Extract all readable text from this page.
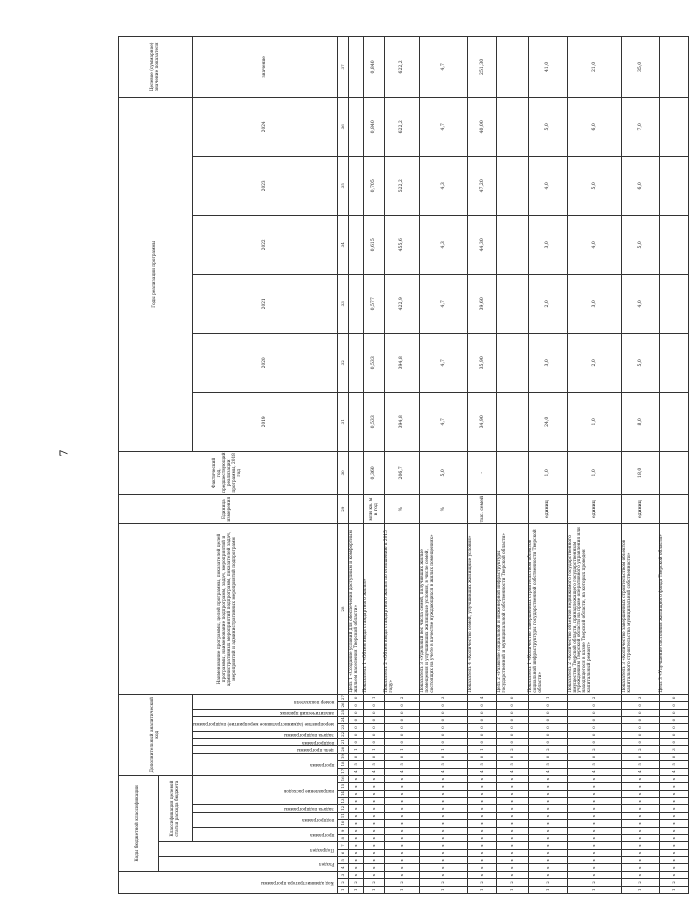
7
Код администратора программы			Коды бюджетной классификации													Дополнительный аналитический код											Наименование программы, целей программы, показателей целей программы, наименование подпрограмм, задач, мероприятий и административных мероприятий подпрограмм, показателей задач, мероприятий и административных мероприятий подпрограмм	Единица измерения	Фактический год, предшествующий реализации программы, 2018 год	Годы реализации программы						Целевое (суммарное) значение показателя
			Раздел		Подраздел		Классификация целевой статьи расхода бюджета																													
							программа		подпрограмма		задача подпрограммы	направление расходов				программа			цель программы	подпрограмма	задача подпрограммы	мероприятие (административное мероприятие) подпрограммы		аналитический признак	номер показателя					2019	2020	2021	2022	2023	2024	значение

1	2	3	4	5	6	7	8	9	10	11	12	13	14	15	16	17	18	19	20	21	22	23	24	25	26	27	28	29	30	31	32	33	34	35	36	37
1	2	х	х	х	х	х	х	х	х	х	х	х	х	х	х	4	5	0	1	0	0	0	0	0	0	0	Цель 1 «Создание условий для обеспечения доступным и комфортным жильем населения Тверской области»									
1	2	х	х	х	х	х	х	х	х	х	х	х	х	х	х	4	5	0	1	0	0	0	0	0	0	1	Показатель 1 «Объем ввода стандартного жилья»	млн кв. м в год	0,360	0,533	0,533	0,577	0,615	0,705	0,840	0,840
1	2	х	х	х	х	х	х	х	х	х	х	х	х	х	х	4	5	0	1	0	0	0	0	0	0	2	Показатель 2 «Объем ввода стандартного жилья по отношению к 2015 году»	%	206,7	394,8	394,8	422,9	455,6	522,2	622,2	622,2
1	2	х	х	х	х	х	х	х	х	х	х	х	х	х	х	4	5	0	1	0	0	0	0	0	0	3	Показатель 3 «Удельный вес числа семей, получивших жилые помещения и улучшивших жилищные условия, в числе семей, состоящих на учете в качестве нуждающихся в жилых помещениях»	%	5,0	4,7	4,7	4,7	4,3	4,3	4,7	4,7
1	2	х	х	х	х	х	х	х	х	х	х	х	х	х	х	4	5	0	1	0	0	0	0	0	0	4	Показатель 4 «Количество семей, улучшивших жилищные условия»	тыс. семей	-	34,90	35,90	39,60	44,30	47,20	40,00	251,30
1	2	х	х	х	х	х	х	х	х	х	х	х	х	х	х	4	5	0	2	0	0	0	0	0	0	0	Цель 2 «Развитие социальной и инженерной инфраструктуры государственной и муниципальной собственности Тверской области»									
1	2	х	х	х	х	х	х	х	х	х	х	х	х	х	х	4	5	0	2	0	0	0	0	0	0	1	Показатель 1 «Количество завершенных строительством объектов социальной инфраструктуры государственной собственности Тверской области»	единиц	1,0	24,0	3,0	2,0	3,0	4,0	5,0	41,0
1	2	х	х	х	х	х	х	х	х	х	х	х	х	х	х	4	5	0	2	0	0	0	0	0	0	2	Показатель 2 «Количество объектов недвижимого государственного имущества Тверской области, принадлежащего государственным учреждениям Тверской области на праве оперативного управления или находящегося в казне Тверской области, на которых проведен капитальный ремонт»	единиц	1,0	1,0	2,0	3,0	4,0	5,0	6,0	21,0
1	2	х	х	х	х	х	х	х	х	х	х	х	х	х	х	4	5	0	2	0	0	0	0	0	0	3	Показатель 3 «Количество завершенных строительством объектов капитального строительства муниципальной собственности»	единиц	18,0	8,0	5,0	4,0	5,0	6,0	7,0	35,0
1	2	х	х	х	х	х	х	х	х	х	х	х	х	х	х	4	5	0	3	0	0	0	0	0	0	0	Цель 3 «Улучшение состояния жилищного фонда Тверской области»									
